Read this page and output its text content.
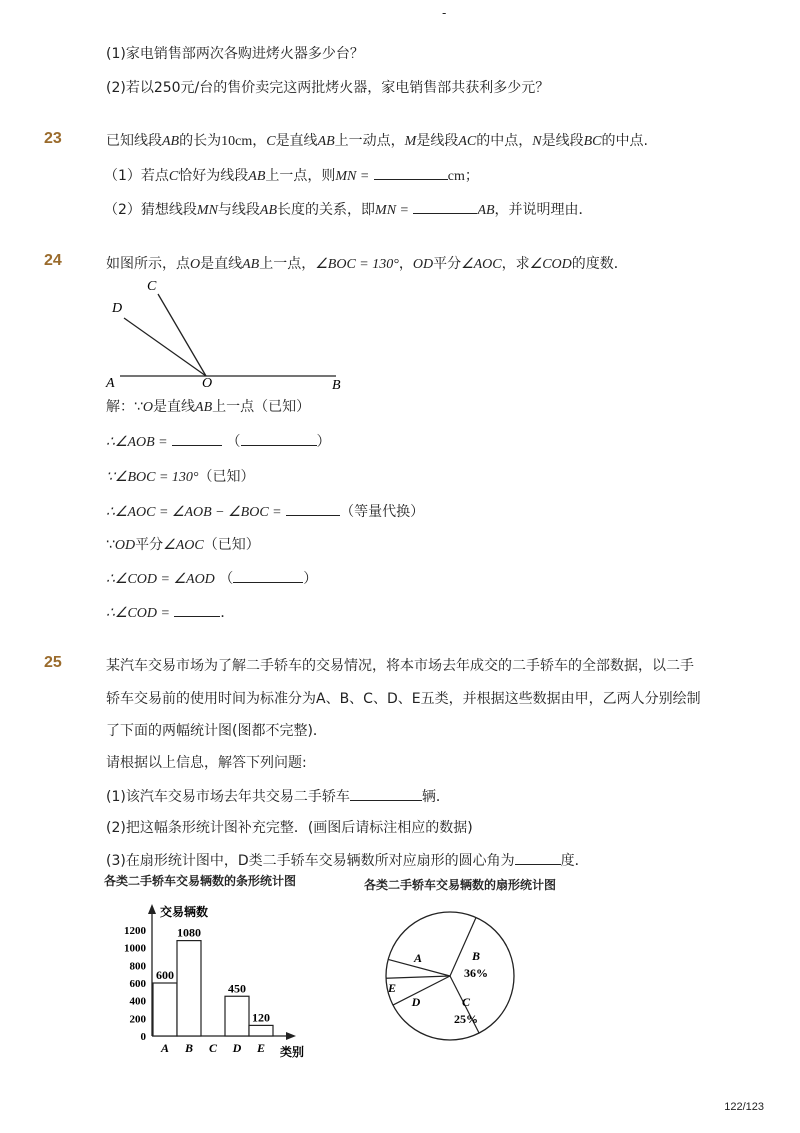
-
(1)家电销售部两次各购进烤火器多少台？
(2)若以250元/台的售价卖完这两批烤火器，家电销售部共获利多少元？
23	已知线段AB的长为10cm，C是直线AB上一动点，M是线段AC的中点，N是线段BC的中点.
（1）若点C恰好为线段AB上一点，则MN =	cm；
（2）猜想线段MN与线段AB长度的关系，即MN =	AB，并说明理由．
24	如图所示，点O是直线AB上一点，∠BOC = 130°，OD平分∠AOC，求∠COD的度数．
A	O	B
C
D
解：∵O是直线AB上一点（已知）
∴∠AOB =	（	）
∵∠BOC = 130°（已知）
∴∠AOC = ∠AOB − ∠BOC =	（等量代换）
∵OD平分∠AOC（已知）
∴∠COD = ∠AOD （	）
∴∠COD =	．
25	某汽车交易市场为了解二手轿车的交易情况，将本市场去年成交的二手轿车的全部数据，以二手
轿车交易前的使用时间为标准分为A、B、C、D、E五类，并根据这些数据由甲，乙两人分别绘制
了下面的两幅统计图(图都不完整)．
请根据以上信息，解答下列问题:
(1)该汽车交易市场去年共交易二手轿车	辆．
(2)把这幅条形统计图补充完整．(画图后请标注相应的数据)
(3)在扇形统计图中，D类二手轿车交易辆数所对应扇形的圆心角为	度．
各类二手轿车交易辆数的条形统计图
交易辆数
0
200
400
600
800
1000
1200
600
A
1080
B C
450
D
120
E 类别
各类二手轿车交易辆数的扇形统计图
A	B
36%
C
25%
D
E
122/123
